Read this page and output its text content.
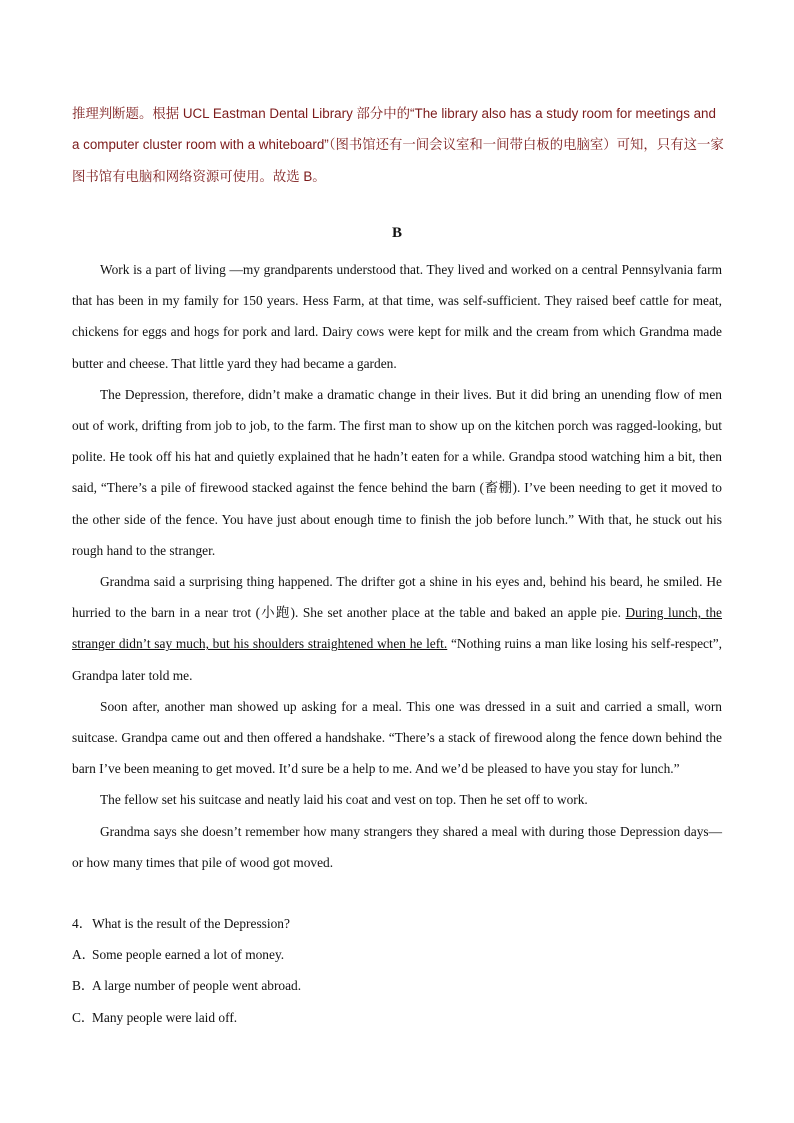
推理判断题。根据 UCL Eastman Dental Library 部分中的“The library also has a study room for meetings and a computer cluster room with a whiteboard”（图书馆还有一间会议室和一间带白板的电脑室）可知，只有这一家图书馆有电脑和网络资源可使用。故选 B。

B

Work is a part of living —my grandparents understood that. They lived and worked on a central Pennsylvania farm that has been in my family for 150 years. Hess Farm, at that time, was self-sufficient. They raised beef cattle for meat, chickens for eggs and hogs for pork and lard. Dairy cows were kept for milk and the cream from which Grandma made butter and cheese. That little yard they had became a garden.

The Depression, therefore, didn’t make a dramatic change in their lives. But it did bring an unending flow of men out of work, drifting from job to job, to the farm. The first man to show up on the kitchen porch was ragged-looking, but polite. He took off his hat and quietly explained that he hadn’t eaten for a while. Grandpa stood watching him a bit, then said, “There’s a pile of firewood stacked against the fence behind the barn (畜棚). I’ve been needing to get it moved to the other side of the fence. You have just about enough time to finish the job before lunch.” With that, he stuck out his rough hand to the stranger.

Grandma said a surprising thing happened. The drifter got a shine in his eyes and, behind his beard, he smiled. He hurried to the barn in a near trot (小跑). She set another place at the table and baked an apple pie. During lunch, the stranger didn’t say much, but his shoulders straightened when he left. “Nothing ruins a man like losing his self-respect”, Grandpa later told me.

Soon after, another man showed up asking for a meal. This one was dressed in a suit and carried a small, worn suitcase. Grandpa came out and then offered a handshake. “There’s a stack of firewood along the fence down behind the barn I’ve been meaning to get moved. It’d sure be a help to me. And we’d be pleased to have you stay for lunch.”

The fellow set his suitcase and neatly laid his coat and vest on top. Then he set off to work.

Grandma says she doesn’t remember how many strangers they shared a meal with during those Depression days—or how many times that pile of wood got moved.

4．What is the result of the Depression?

A．Some people earned a lot of money.

B．A large number of people went abroad.

C．Many people were laid off.
